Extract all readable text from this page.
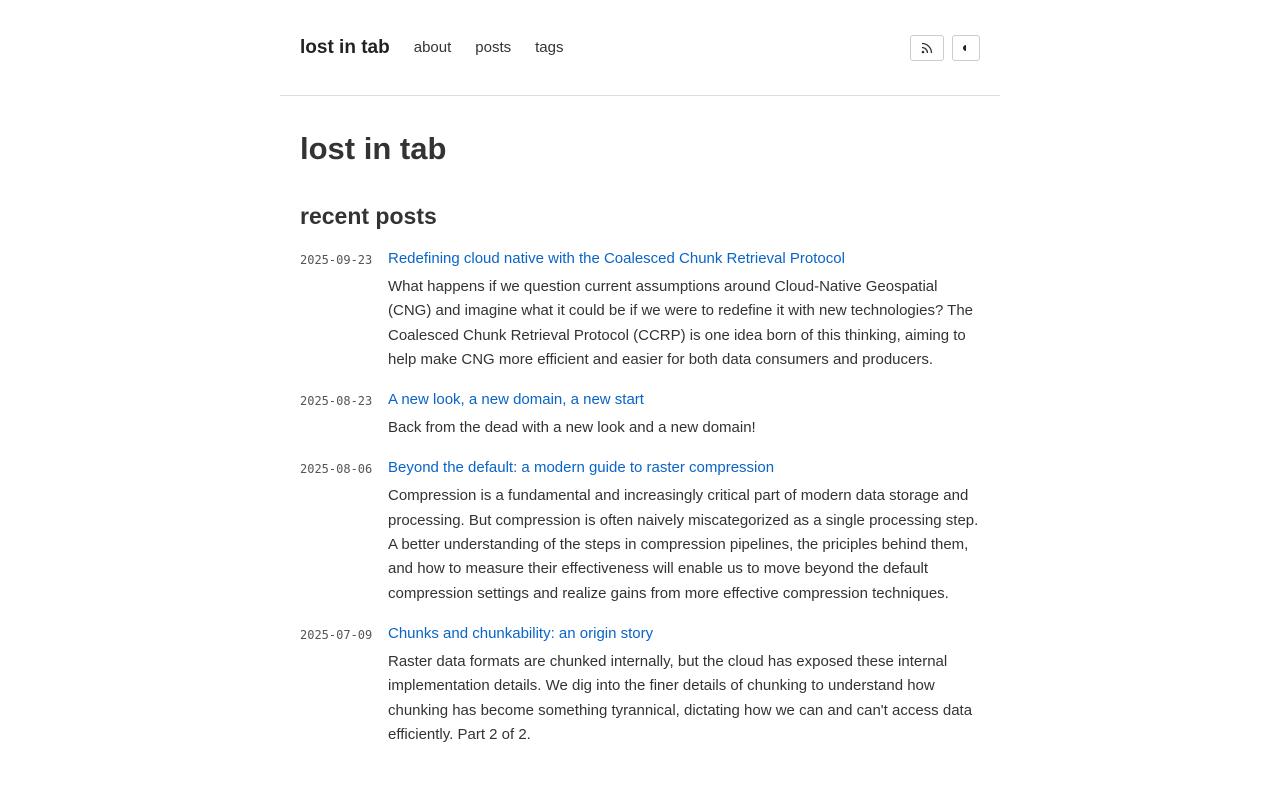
lost in tab about posts tags
lost in tab
recent posts
2025-09-23	Redefining cloud native with the Coalesced Chunk Retrieval Protocol

What happens if we question current assumptions around Cloud-Native Geospatial (CNG) and imagine what it could be if we were to redefine it with new technologies? The Coalesced Chunk Retrieval Protocol (CCRP) is one idea born of this thinking, aiming to help make CNG more efficient and easier for both data consumers and producers.

2025-08-23	A new look, a new domain, a new start

Back from the dead with a new look and a new domain!

2025-08-06	Beyond the default: a modern guide to raster compression

Compression is a fundamental and increasingly critical part of modern data storage and processing. But compression is often naively miscategorized as a single processing step. A better understanding of the steps in compression pipelines, the priciples behind them, and how to measure their effectiveness will enable us to move beyond the default compression settings and realize gains from more effective compression techniques.

2025-07-09	Chunks and chunkability: an origin story

Raster data formats are chunked internally, but the cloud has exposed these internal implementation details. We dig into the finer details of chunking to understand how chunking has become something tyrannical, dictating how we can and can't access data efficiently. Part 2 of 2.
